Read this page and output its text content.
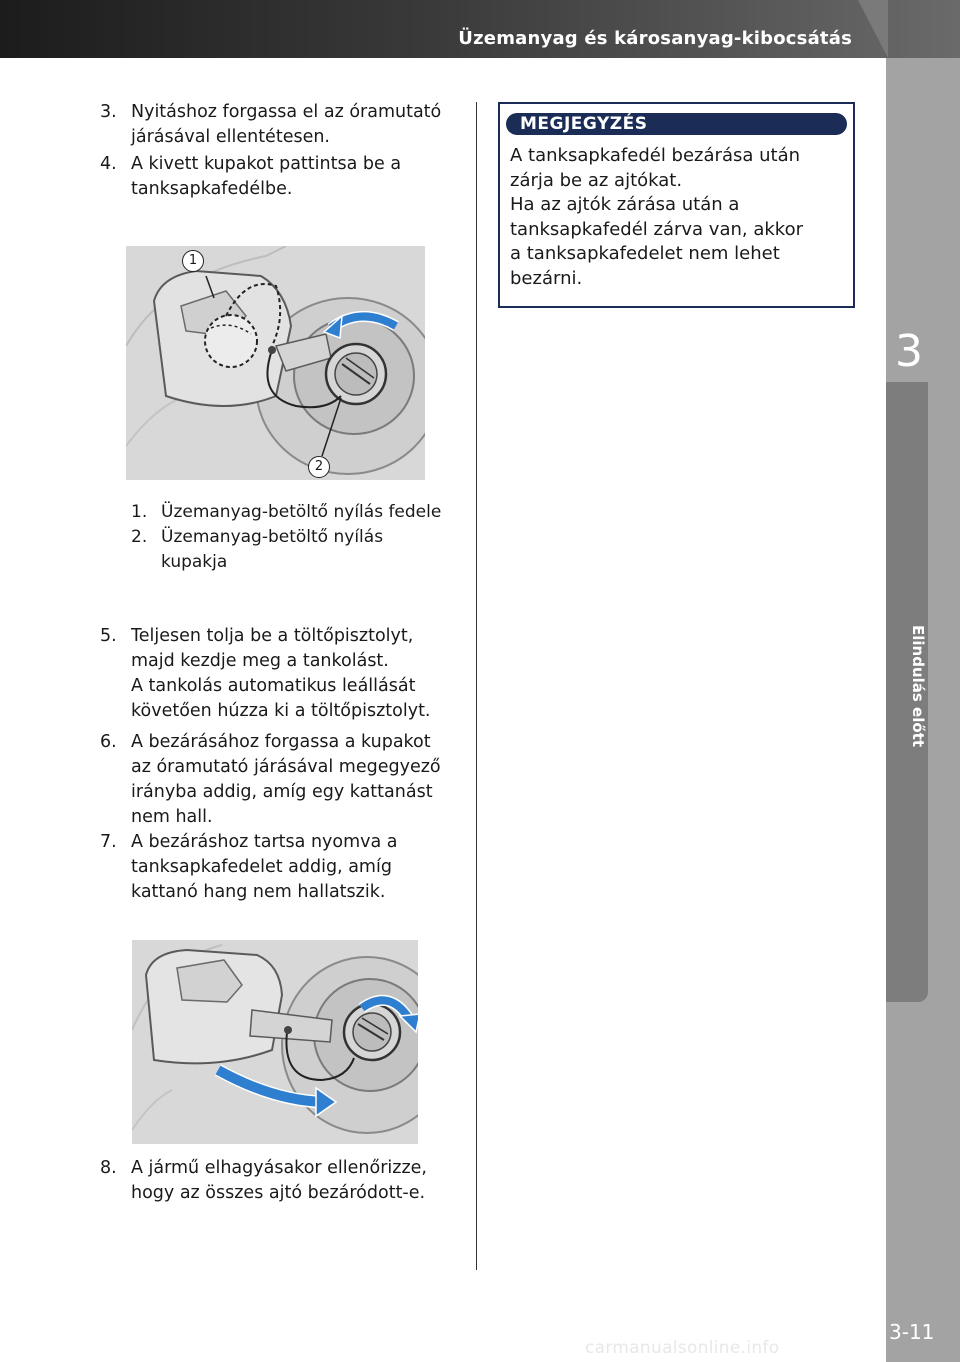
Üzemanyag és károsanyag-kibocsátás
3
Elindulás előtt
3-11
3. Nyitáshoz forgassa el az óramutató
járásával ellentétesen.
4. A kivett kupakot pattintsa be a
tanksapkafedélbe.
1
2
1. Üzemanyag-betöltő nyílás fedele
2. Üzemanyag-betöltő nyílás
kupakja
5. Teljesen tolja be a töltőpisztolyt,
majd kezdje meg a tankolást.
A tankolás automatikus leállását
követően húzza ki a töltőpisztolyt.
6. A bezárásához forgassa a kupakot
az óramutató járásával megegyező
irányba addig, amíg egy kattanást
nem hall.
7. A bezáráshoz tartsa nyomva a
tanksapkafedelet addig, amíg
kattanó hang nem hallatszik.
8. A jármű elhagyásakor ellenőrizze,
hogy az összes ajtó bezáródott-e.
MEGJEGYZÉS
A tanksapkafedél bezárása után
zárja be az ajtókat.
Ha az ajtók zárása után a
tanksapkafedél zárva van, akkor
a tanksapkafedelet nem lehet
bezárni.
carmanualsonline.info
